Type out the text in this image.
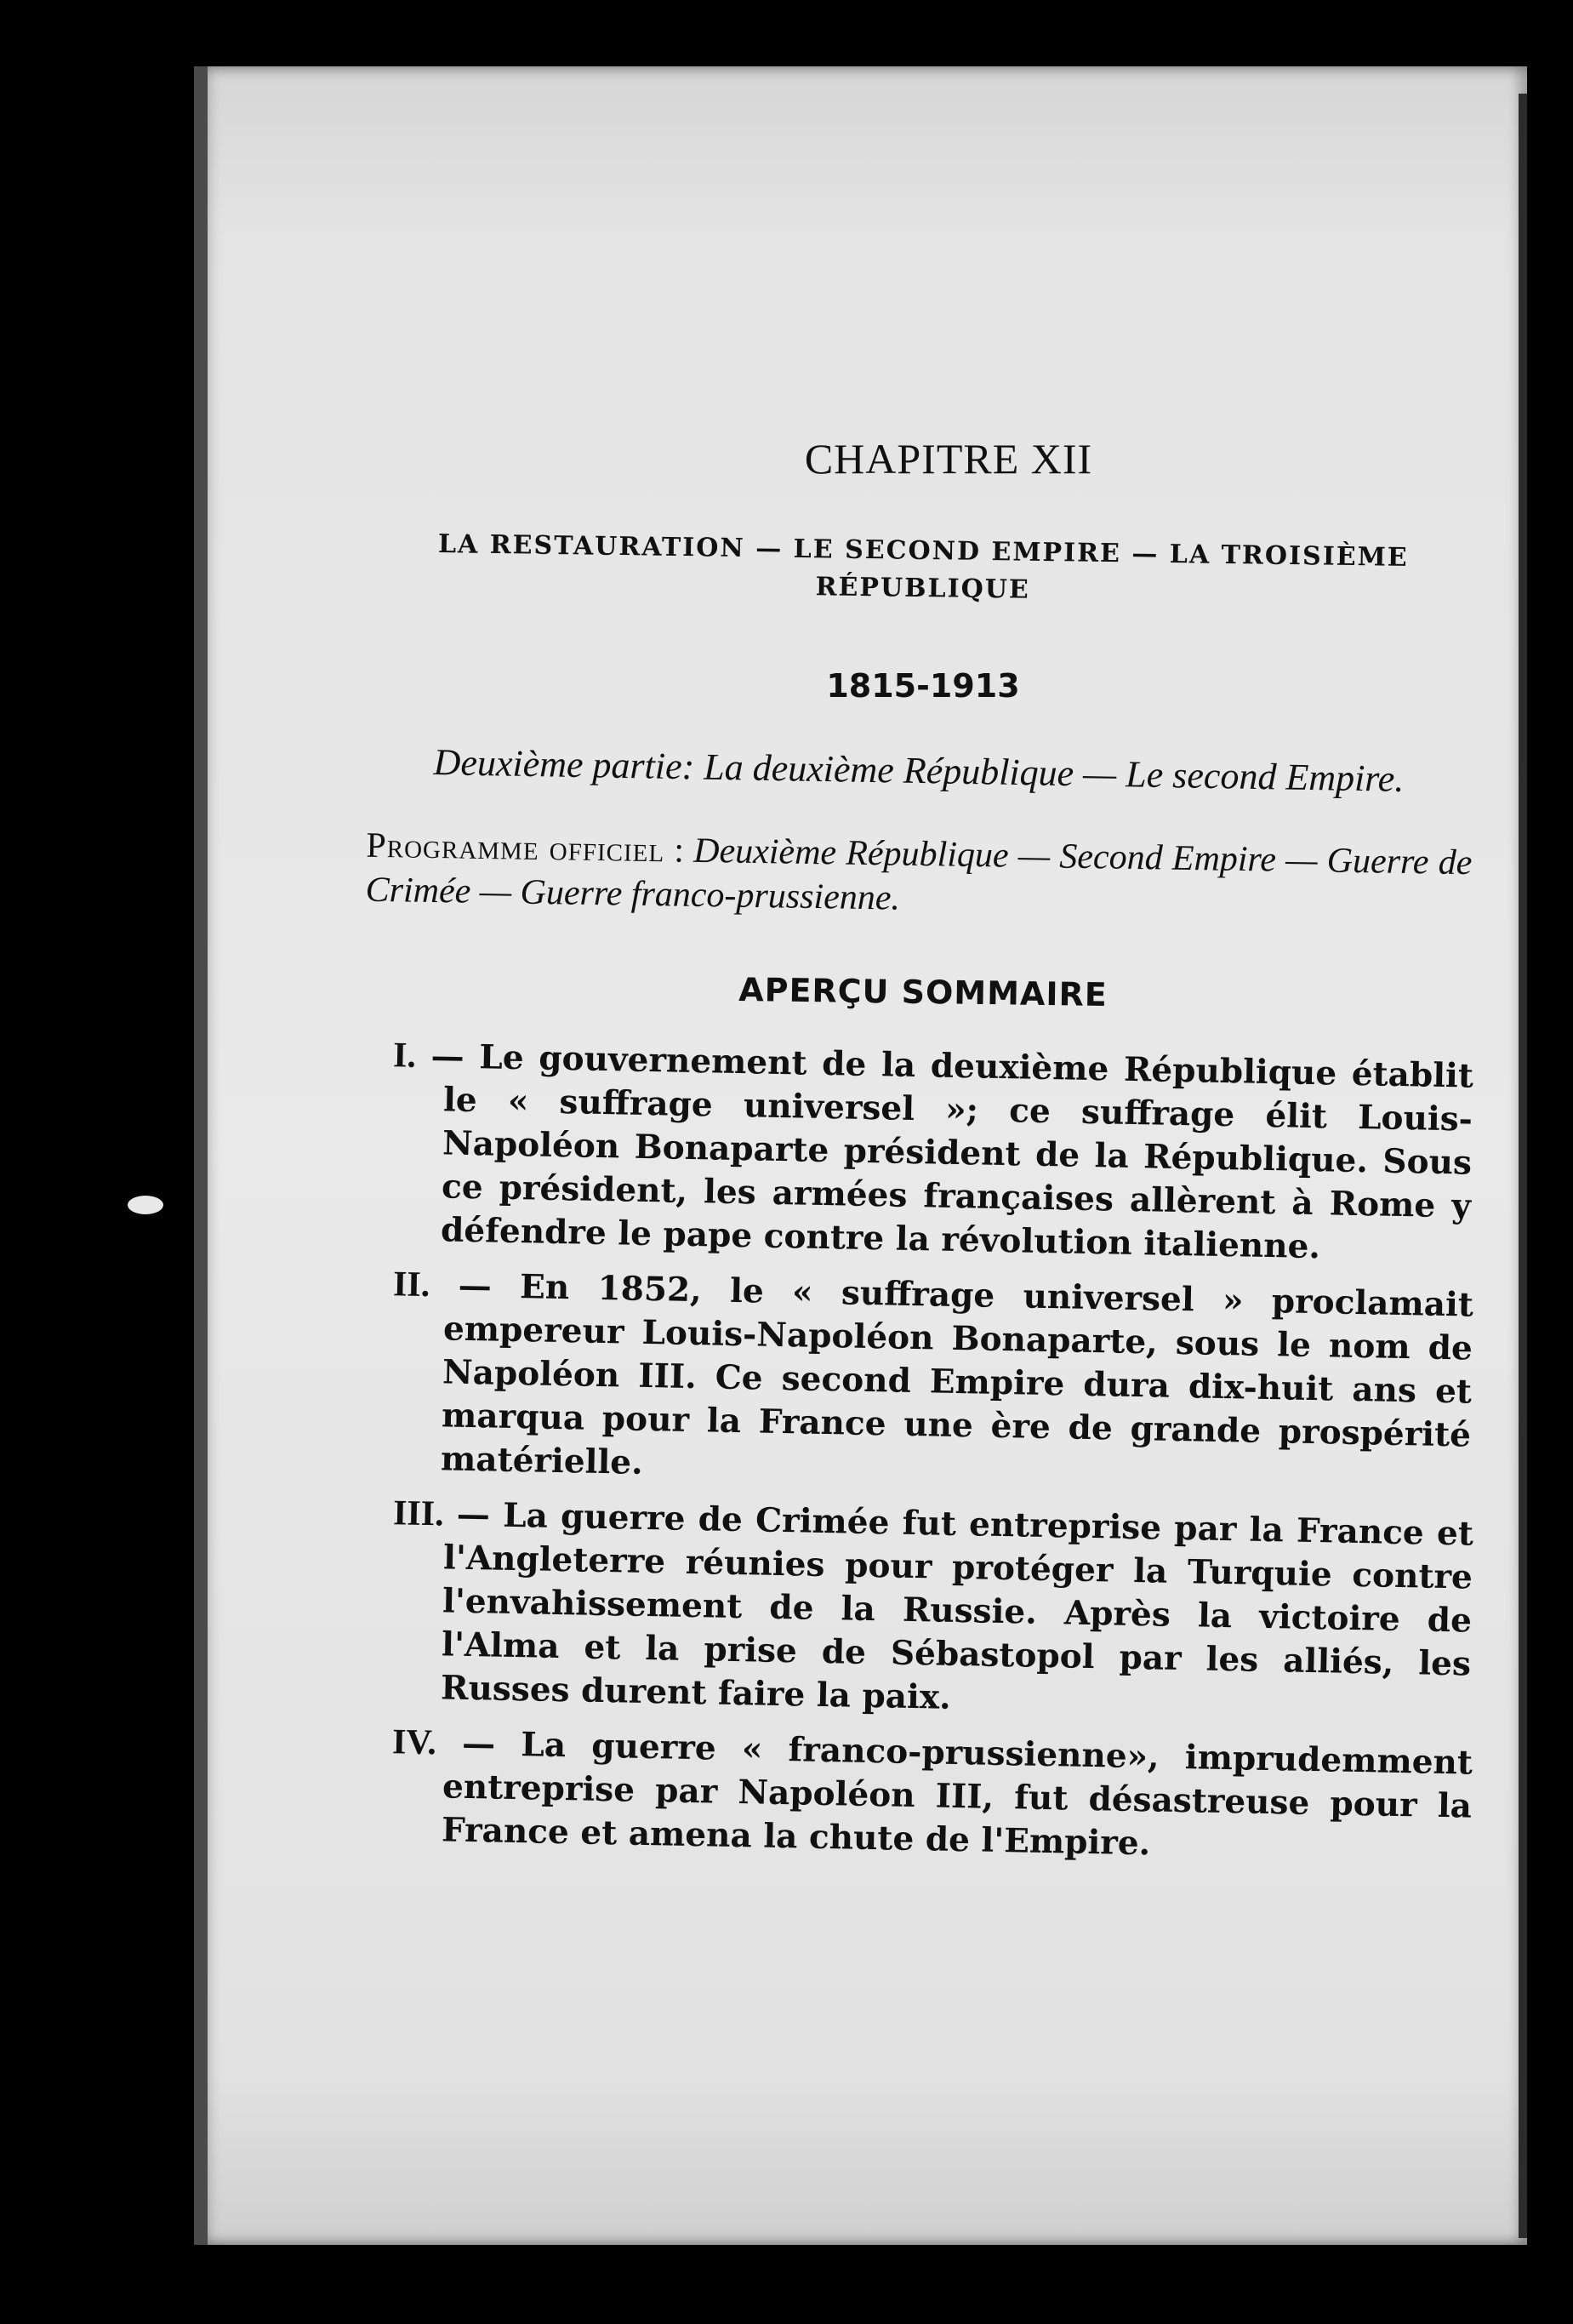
CHAPITRE XII
LA RESTAURATION — LE SECOND EMPIRE — LA TROISIÈME
RÉPUBLIQUE
1815-1913
Deuxième partie: La deuxième République — Le second Empire.
Programme officiel : Deuxième République — Second Empire — Guerre de Crimée — Guerre franco-prussienne.
APERÇU SOMMAIRE
I. — Le gouvernement de la deuxième République établit le « suffrage universel »; ce suffrage élit Louis-Napoléon Bonaparte président de la République. Sous ce président, les armées françaises allèrent à Rome y défendre le pape contre la révolution italienne.
II. — En 1852, le « suffrage universel » proclamait empereur Louis-Napoléon Bonaparte, sous le nom de Napoléon III. Ce second Empire dura dix-huit ans et marqua pour la France une ère de grande prospérité matérielle.
III. — La guerre de Crimée fut entreprise par la France et l'Angleterre réunies pour protéger la Turquie contre l'envahissement de la Russie. Après la victoire de l'Alma et la prise de Sébastopol par les alliés, les Russes durent faire la paix.
IV. — La guerre « franco-prussienne», imprudemment entreprise par Napoléon III, fut désastreuse pour la France et amena la chute de l'Empire.
